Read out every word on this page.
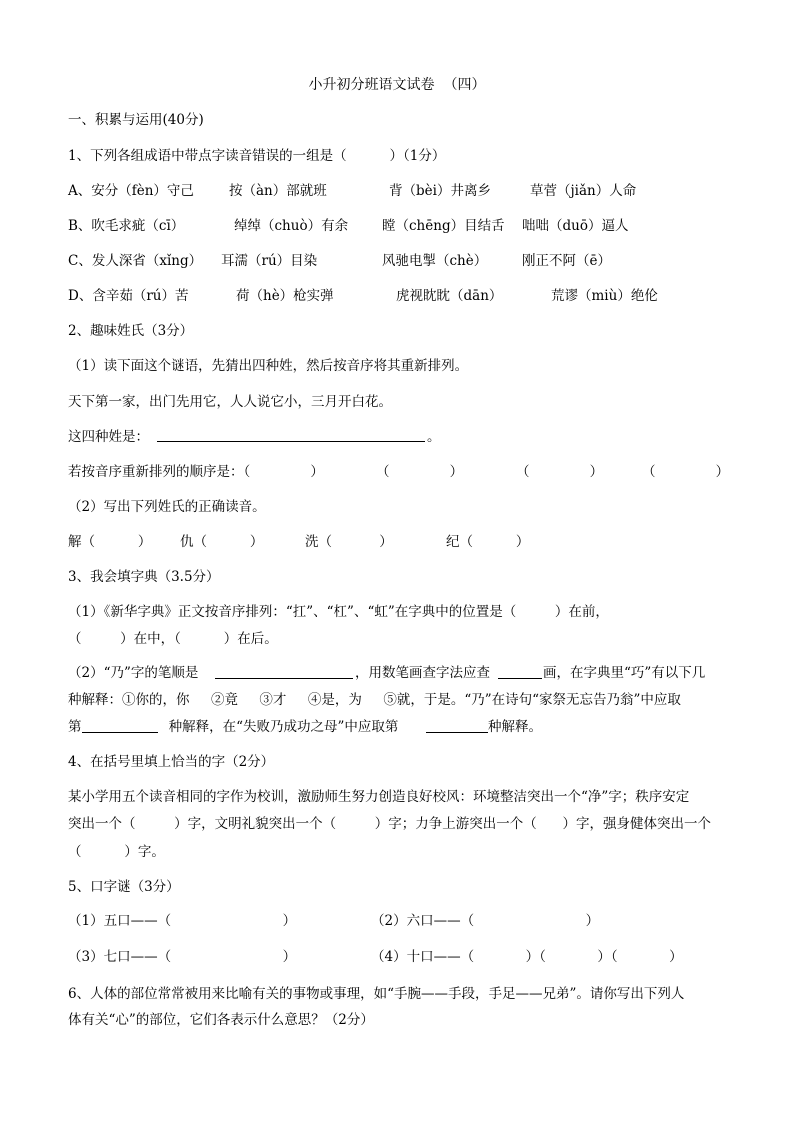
小升初分班语文试卷  （四）
一、积累与运用(40分)
1、下列各组成语中带点字读音错误的一组是（          ）（1分）
A、安分（fèn）守己	按（àn）部就班	背（bèi）井离乡	草菅（jiǎn）人命
B、吹毛求疵（cī）	绰绰（chuò）有余	瞠（chēng）目结舌 咄咄（duō）逼人
C、发人深省（xǐng） 耳濡（rú）目染	风驰电掣（chè）	刚正不阿（ē）
D、含辛茹（rú）苦	荷（hè）枪实弹	虎视眈眈（dān）	荒谬（miù）绝伦
2、趣味姓氏（3分）
（1）读下面这个谜语，先猜出四种姓，然后按音序将其重新排列。
天下第一家，出门先用它，人人说它小，三月开白花。
这四种姓是：	。
若按音序重新排列的顺序是：（              ）	（              ）	（              ）	（              ）
（2）写出下列姓氏的正确读音。
解（          ） 仇（          ）	洗（           ）	纪（          ）
3、我会填字典（3.5分）
（1）《新华字典》正文按音序排列：“扛”、“杠”、“虹”在字典中的位置是（         ）在前，
（         ）在中，（          ）在后。
（2）“乃”字的笔顺是	，用数笔画查字法应查	画，在字典里“巧”有以下几
种解释：①你的，你     ②竟     ③才     ④是，为     ⑤就，于是。“乃”在诗句“家祭无忘告乃翁”中应取
第	种解释，在“失败乃成功之母”中应取第	种解释。
4、在括号里填上恰当的字（2分）
某小学用五个读音相同的字作为校训，激励师生努力创造良好校风：环境整洁突出一个“净”字；秩序安定
突出一个（         ）字，文明礼貌突出一个（         ）字；力争上游突出一个（      ）字，强身健体突出一个
（          ）字。
5、口字谜（3分）
（1）五口——（                          ）	（2）六口——（                          ）
（3）七口——（                          ）	（4）十口——（            ）（            ）（            ）
6、人体的部位常常被用来比喻有关的事物或事理，如“手腕——手段，手足——兄弟”。请你写出下列人
体有关“心”的部位，它们各表示什么意思？（2分）
